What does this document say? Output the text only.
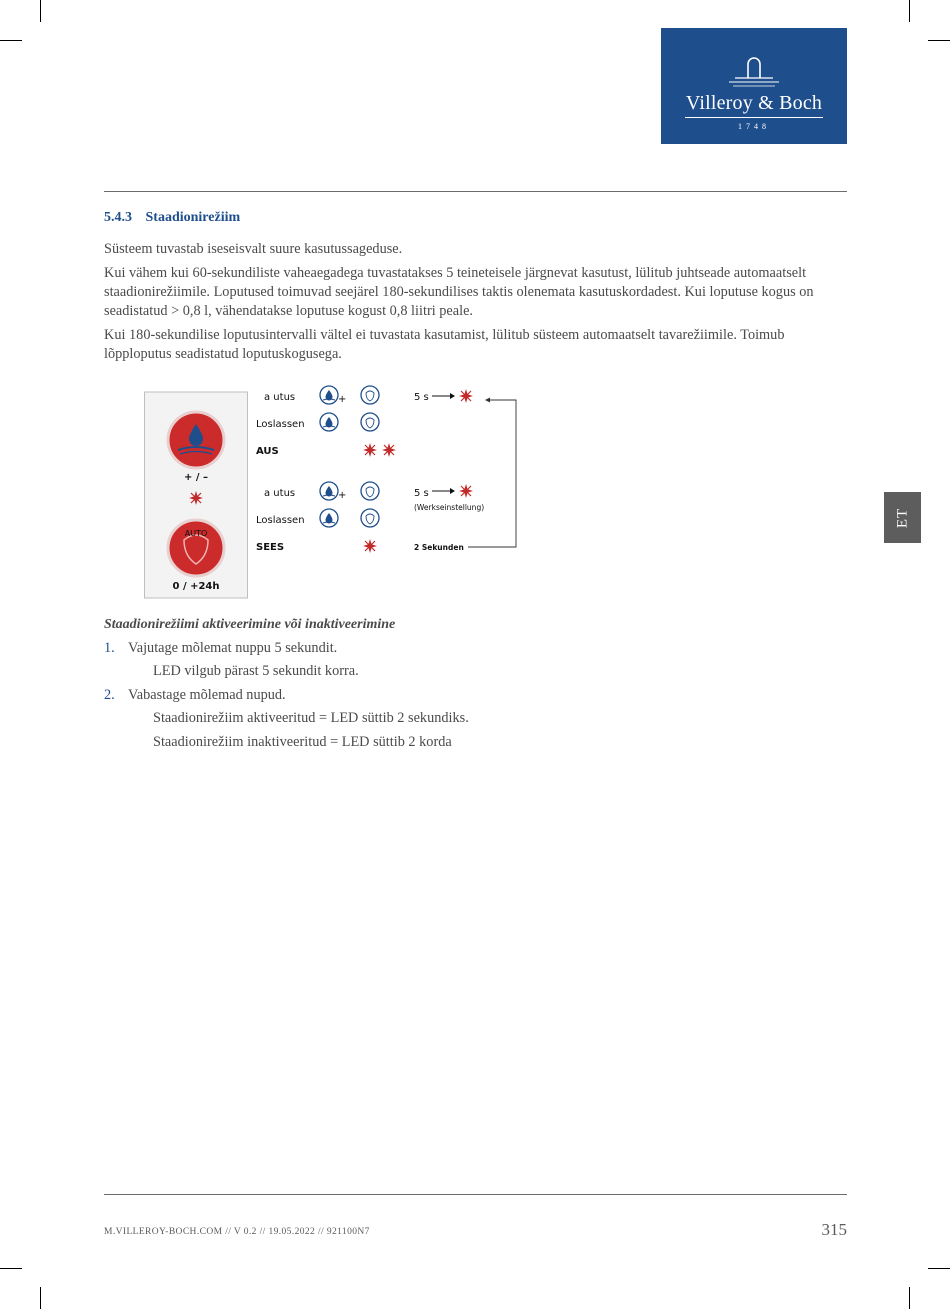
Villeroy & Boch
1748
5.4.3 Staadionirežiim
Süsteem tuvastab iseseisvalt suure kasutussageduse.
Kui vähem kui 60-sekundiliste vaheaegadega tuvastatakses 5 teineteisele järgnevat kasutust, lülitub juhtseade automaatselt staadionirežiimile. Loputused toimuvad seejärel 180-sekundilises taktis olenemata kasutuskordadest. Kui loputuse kogus on seadistatud > 0,8 l, vähendatakse loputuse kogust 0,8 liitri peale.
Kui 180-sekundilise loputusintervalli vältel ei tuvastata kasutamist, lülitub süsteem automaatselt tavarežiimile. Toimub lõpploputus seadistatud loputuskogusega.
ET
+ / –
AUTO
0 / +24h
a utus	+	5 s
Loslassen
AUS
a utus	+	5 s
(Werkseinstellung)
Loslassen
SEES	2 Sekunden
Staadionirežiimi aktiveerimine või inaktiveerimine
1. Vajutage mõlemat nuppu 5 sekundit.
LED vilgub pärast 5 sekundit korra.
2. Vabastage mõlemad nupud.
Staadionirežiim aktiveeritud = LED süttib 2 sekundiks.
Staadionirežiim inaktiveeritud = LED süttib 2 korda
M.VILLEROY-BOCH.COM // V 0.2 // 19.05.2022 // 921100N7	315
